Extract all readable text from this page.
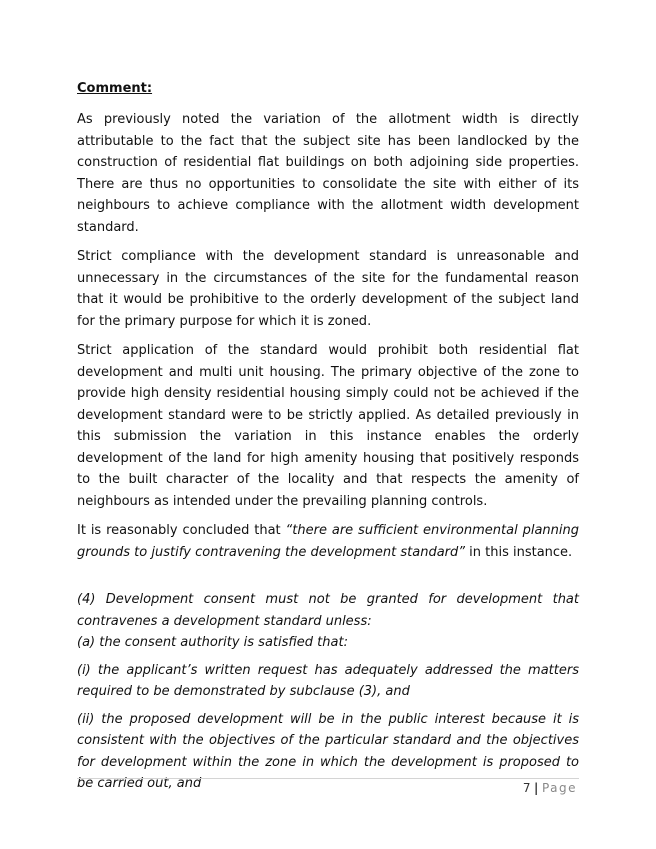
Comment:

As previously noted the variation of the allotment width is directly attributable to the fact that the subject site has been landlocked by the construction of residential flat buildings on both adjoining side properties. There are thus no opportunities to consolidate the site with either of its neighbours to achieve compliance with the allotment width development standard.

Strict compliance with the development standard is unreasonable and unnecessary in the circumstances of the site for the fundamental reason that it would be prohibitive to the orderly development of the subject land for the primary purpose for which it is zoned.

Strict application of the standard would prohibit both residential flat development and multi unit housing. The primary objective of the zone to provide high density residential housing simply could not be achieved if the development standard were to be strictly applied. As detailed previously in this submission the variation in this instance enables the orderly development of the land for high amenity housing that positively responds to the built character of the locality and that respects the amenity of neighbours as intended under the prevailing planning controls.

It is reasonably concluded that “there are sufficient environmental planning grounds to justify contravening the development standard” in this instance.

(4) Development consent must not be granted for development that contravenes a development standard unless:

(a) the consent authority is satisfied that:

(i) the applicant’s written request has adequately addressed the matters required to be demonstrated by subclause (3), and

(ii) the proposed development will be in the public interest because it is consistent with the objectives of the particular standard and the objectives for development within the zone in which the development is proposed to be carried out, and	7 | Page
